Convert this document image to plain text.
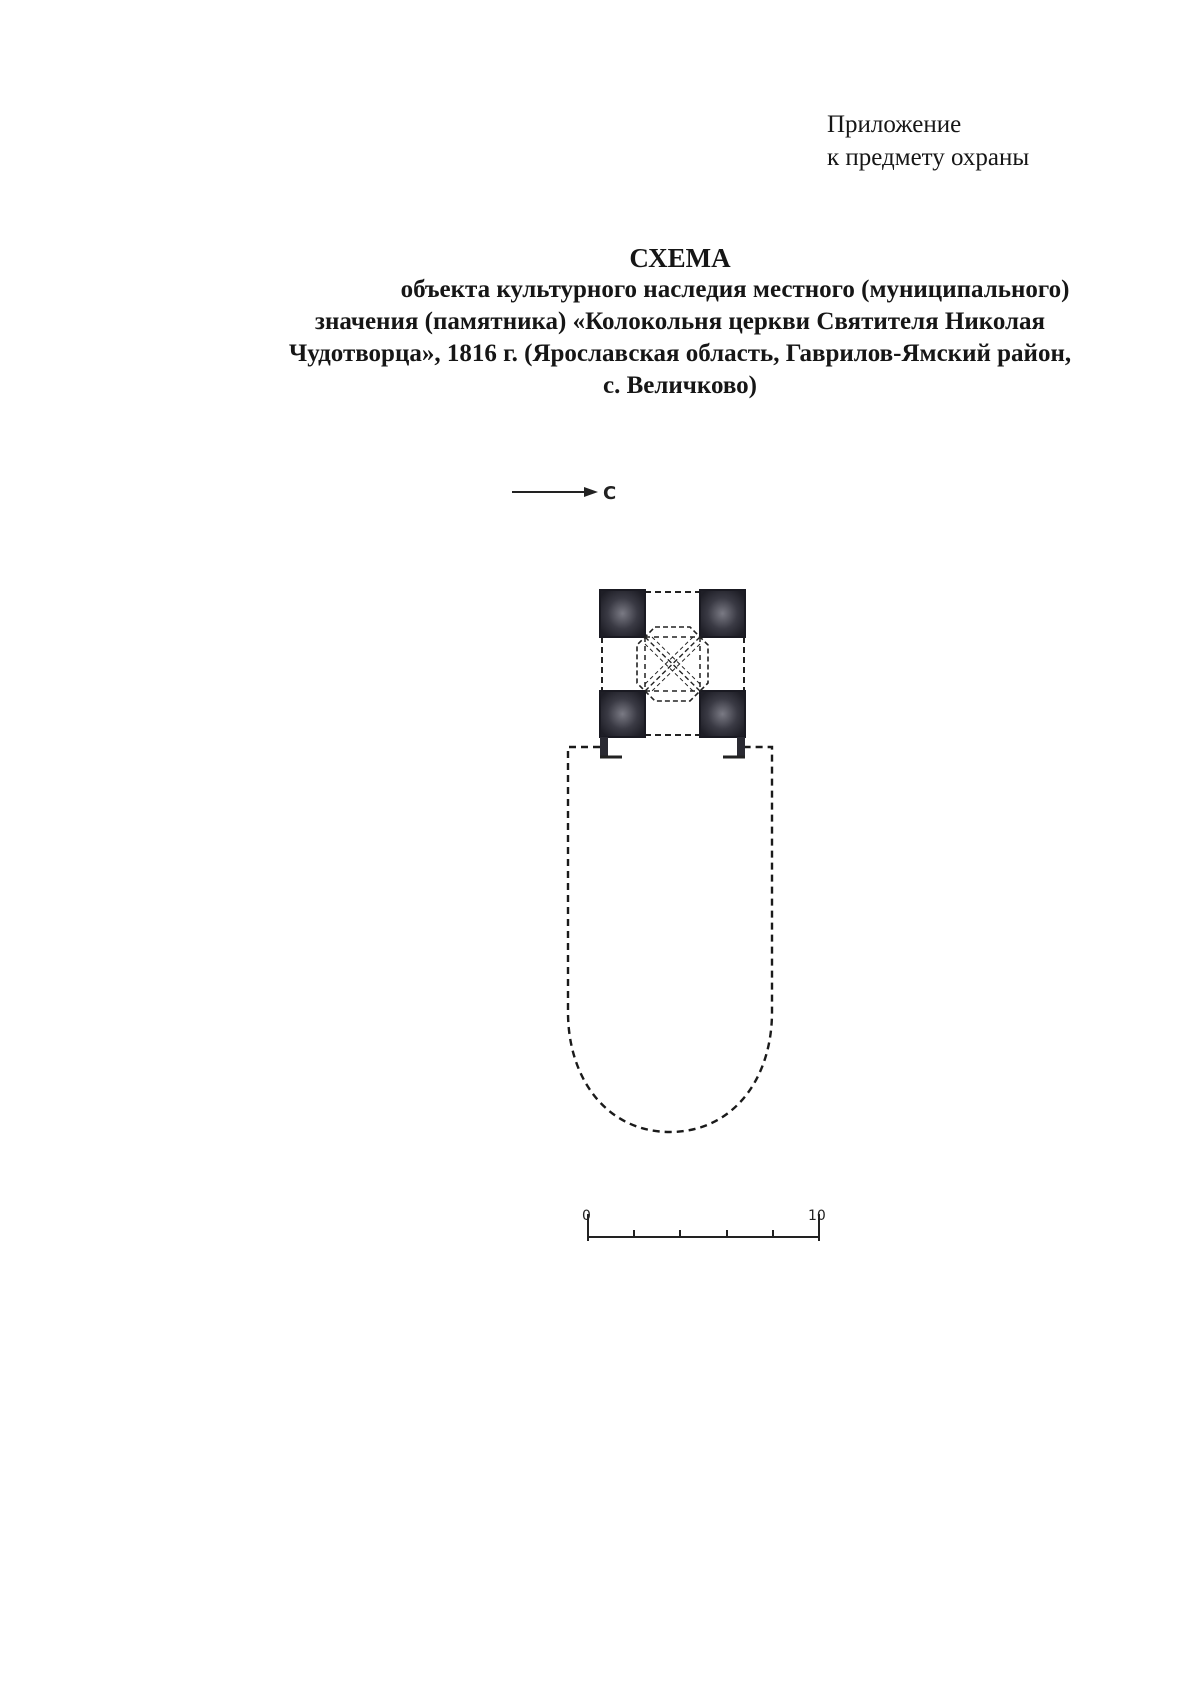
Приложение
к предмету охраны
СХЕМА
объекта культурного наследия местного (муниципального)
значения (памятника) «Колокольня церкви Святителя Николая
Чудотворца», 1816 г. (Ярославская область, Гаврилов-Ямский район,
с. Величково)
С
0	10
